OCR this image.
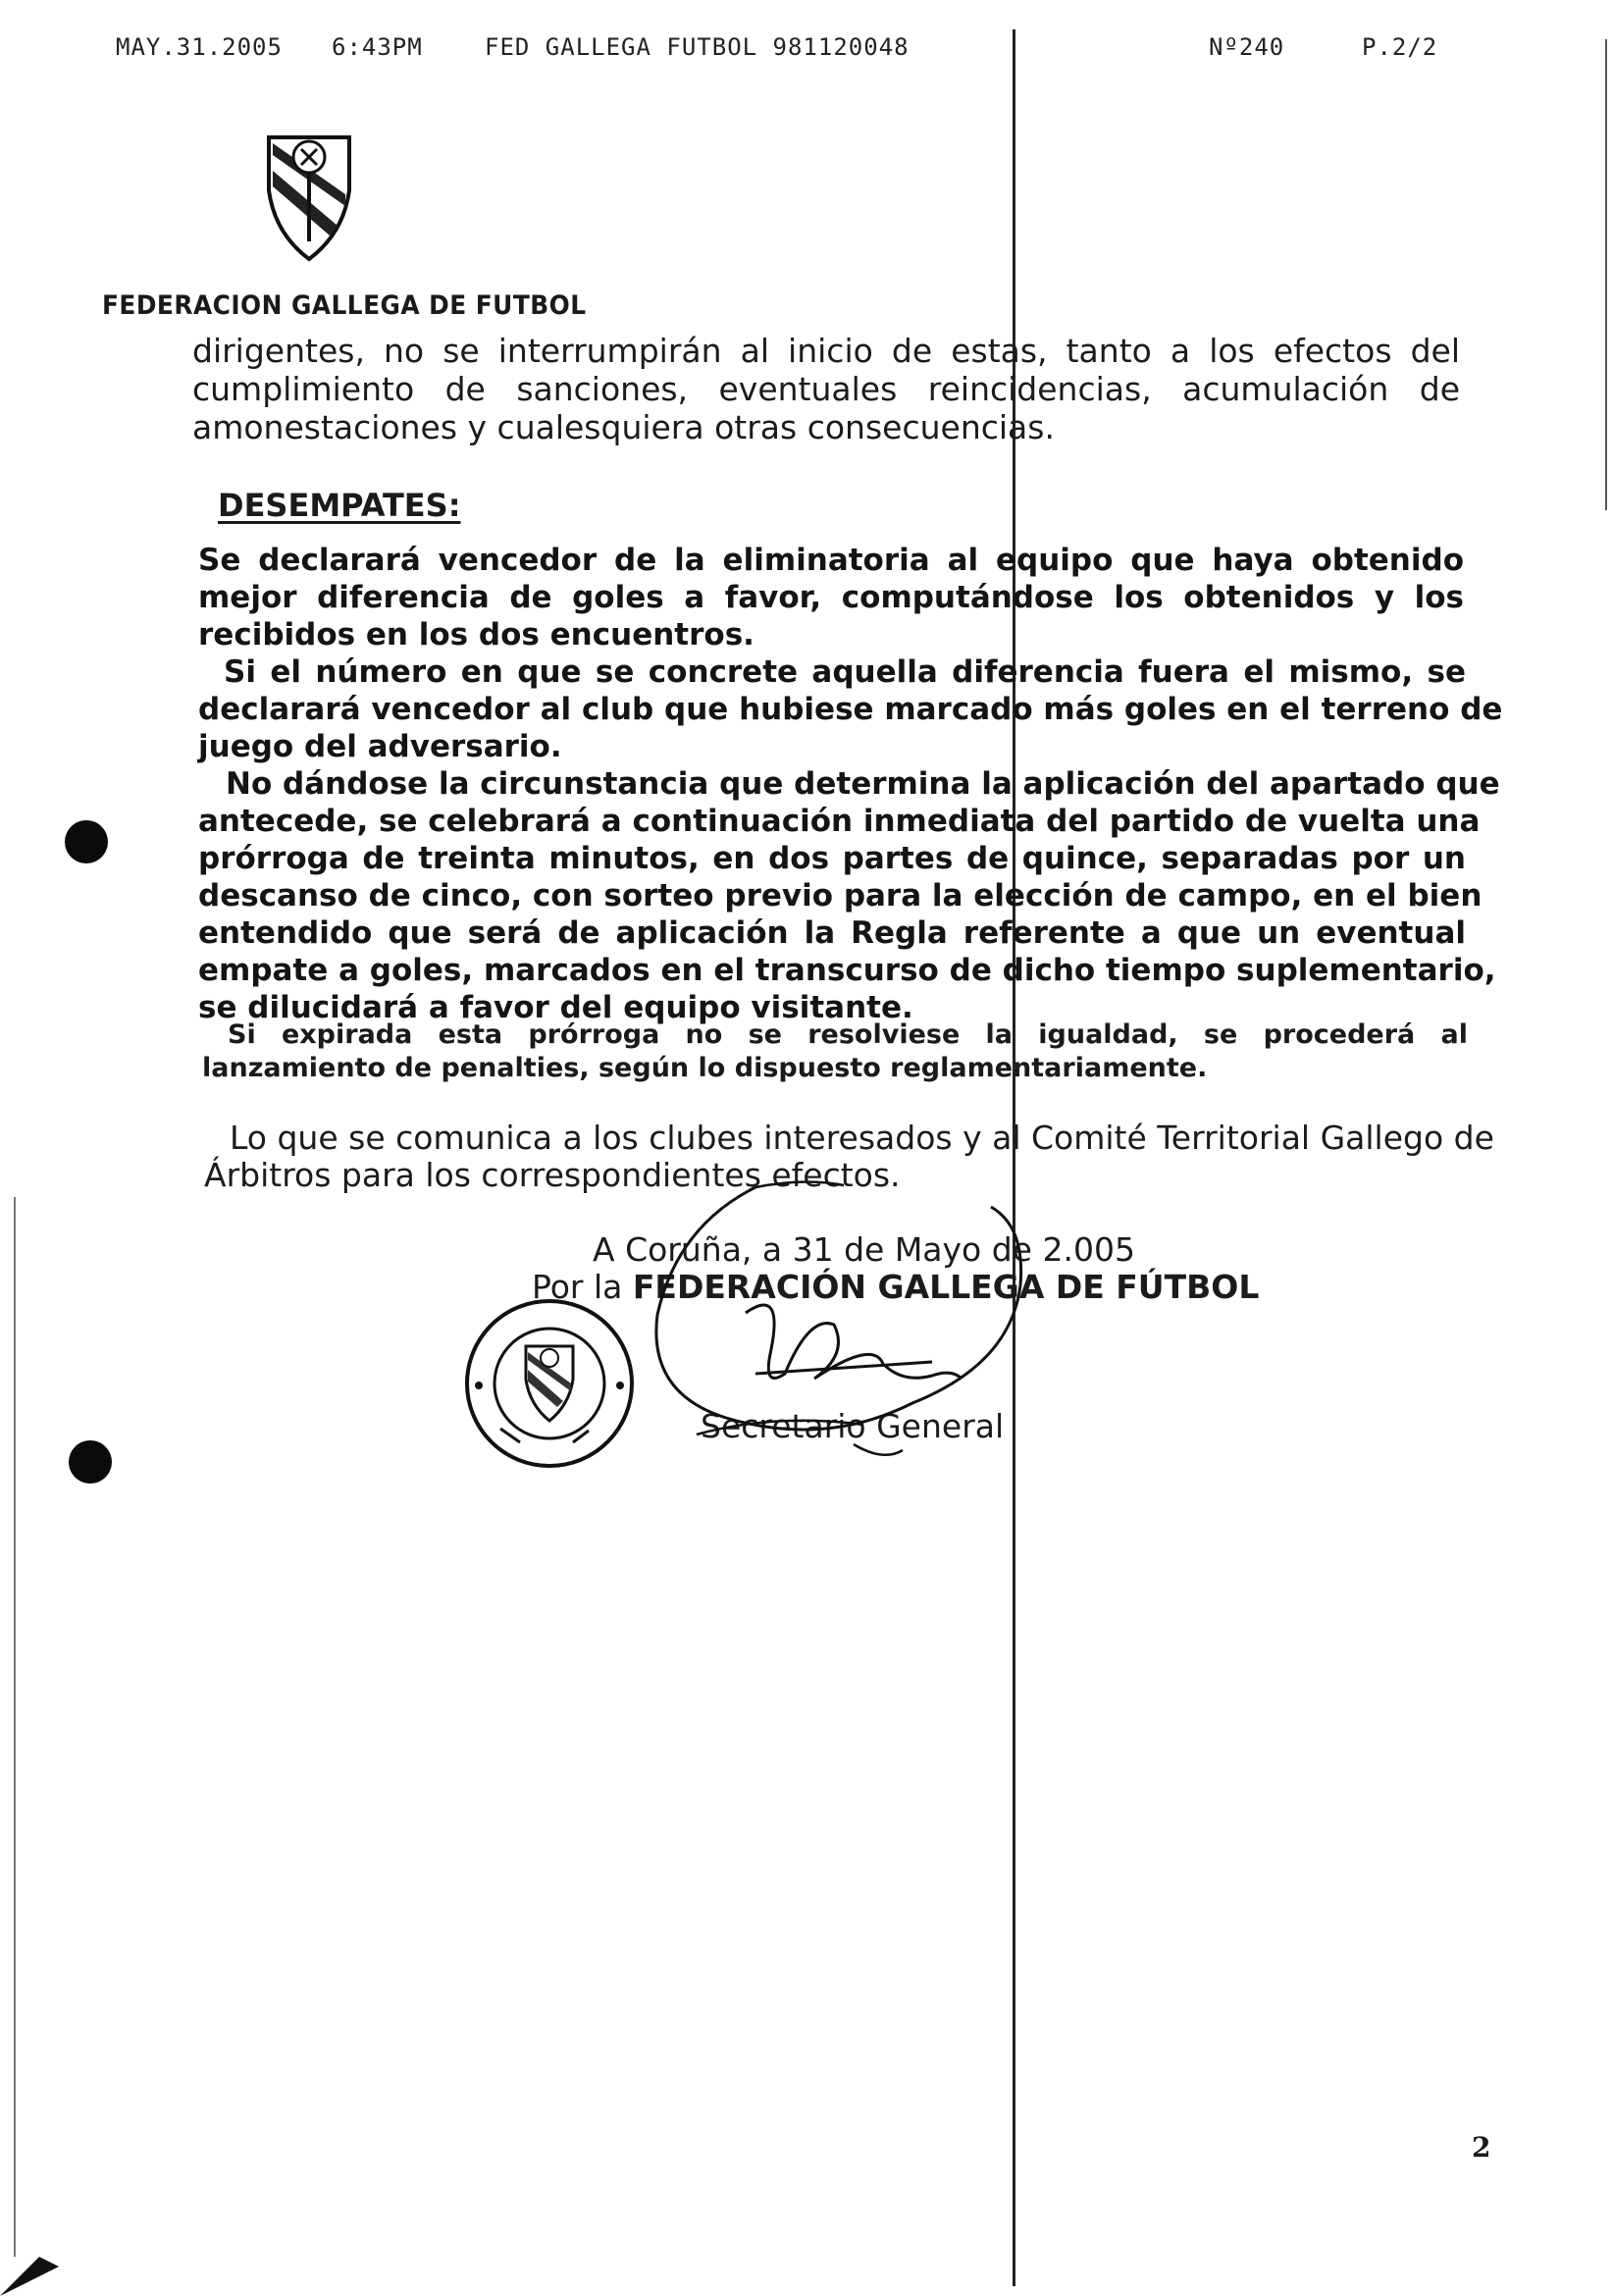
MAY.31.2005 6:43PM	FED GALLEGA FUTBOL 981120048	Nº240	P.2/2
FEDERACION GALLEGA DE FUTBOL
dirigentes, no se interrumpirán al inicio de estas, tanto a los efectos del
cumplimiento de sanciones, eventuales reincidencias, acumulación de
amonestaciones y cualesquiera otras consecuencias.
DESEMPATES:
Se declarará vencedor de la eliminatoria al equipo que haya obtenido
mejor diferencia de goles a favor, computándose los obtenidos y los
recibidos en los dos encuentros.
Si el número en que se concrete aquella diferencia fuera el mismo, se
declarará vencedor al club que hubiese marcado más goles en el terreno de
juego del adversario.
No dándose la circunstancia que determina la aplicación del apartado que
antecede, se celebrará a continuación inmediata del partido de vuelta una
prórroga de treinta minutos, en dos partes de quince, separadas por un
descanso de cinco, con sorteo previo para la elección de campo, en el bien
entendido que será de aplicación la Regla referente a que un eventual
empate a goles, marcados en el transcurso de dicho tiempo suplementario,
se dilucidará a favor del equipo visitante.
Si expirada esta prórroga no se resolviese la igualdad, se procederá al
lanzamiento de penalties, según lo dispuesto reglamentariamente.
Lo que se comunica a los clubes interesados y al Comité Territorial Gallego de
Árbitros para los correspondientes efectos.
A Coruña, a 31 de Mayo de 2.005
Por la FEDERACIÓN GALLEGA DE FÚTBOL
Secretario General
2
